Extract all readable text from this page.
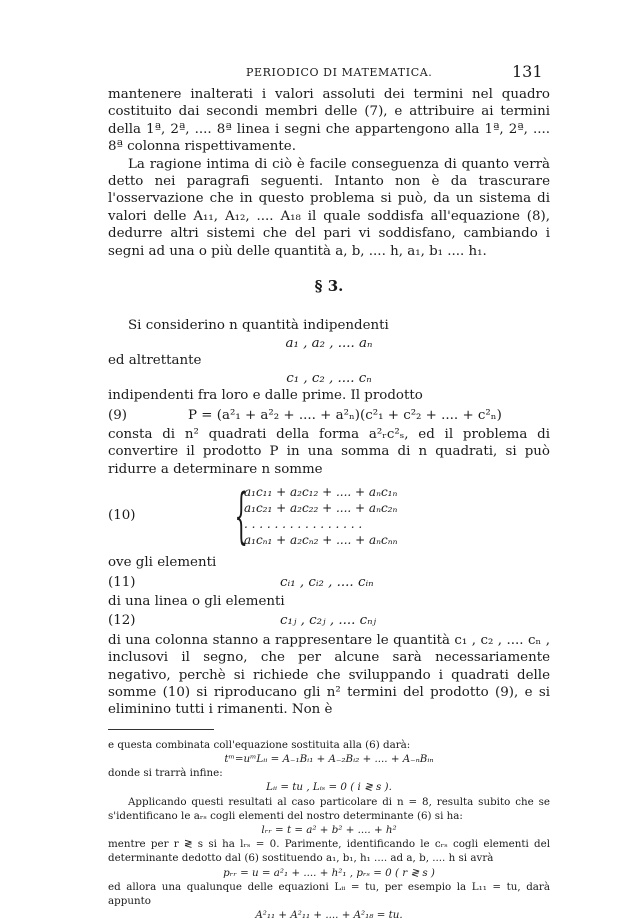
PERIODICO DI MATEMATICA.	131

mantenere inalterati i valori assoluti dei termini nel quadro costituito dai secondi membri delle (7), e attribuire ai termini della 1ª, 2ª, .... 8ª linea i segni che appartengono alla 1ª, 2ª, .... 8ª colonna rispettivamente.

La ragione intima di ciò è facile conseguenza di quanto verrà detto nei paragrafi seguenti. Intanto non è da trascurare l'osservazione che in questo problema si può, da un sistema di valori delle A₁₁, A₁₂, .... A₁₈ il quale soddisfa all'equazione (8), dedurre altri sistemi che del pari vi soddisfano, cambiando i segni ad una o più delle quantità a, b, .... h, a₁, b₁ .... h₁.

§ 3.

Si considerino n quantità indipendenti

a₁ , a₂ , .... aₙ

ed altrettante

c₁ , c₂ , .... cₙ

indipendenti fra loro e dalle prime. Il prodotto

(9)	P = (a²₁ + a²₂ + .... + a²ₙ)(c²₁ + c²₂ + .... + c²ₙ)

consta di n² quadrati della forma a²ᵣc²ₛ, ed il problema di convertire il prodotto P in una somma di n quadrati, si può ridurre a determinare n somme

(10)	{
a₁c₁₁ + a₂c₁₂ + .... + aₙc₁ₙ
a₁c₂₁ + a₂c₂₂ + .... + aₙc₂ₙ
. . . . . . . . . . . . . . . .
a₁cₙ₁ + a₂cₙ₂ + .... + aₙcₙₙ

ove gli elementi

(11)	cᵢ₁ , cᵢ₂ , .... cᵢₙ

di una linea o gli elementi

(12)	c₁ⱼ , c₂ⱼ , .... cₙⱼ

di una colonna stanno a rappresentare le quantità c₁ , c₂ , .... cₙ , inclusovi il segno, che per alcune sarà necessariamente negativo, perchè si richiede che sviluppando i quadrati delle somme (10) si riproducano gli n² termini del prodotto (9), e si eliminino tutti i rimanenti. Non è

e questa combinata coll'equazione sostituita alla (6) darà:

tᵐ=uᵐLᵢᵢ = A₋₁Bᵢ₁ + A₋₂Bᵢ₂ + .... + A₋ₙBᵢₙ

donde si trarrà infine:

Lᵢᵢ = tu , Lᵢₛ = 0 ( i ≷ s ).

Applicando questi resultati al caso particolare di n = 8, resulta subito che se s'identificano le aᵣₛ cogli elementi del nostro determinante (6) si ha:

lᵣᵣ = t = a² + b² + .... + h²

mentre per r ≷ s si ha lᵣₛ = 0. Parimente, identificando le cᵣₛ cogli elementi del determinante dedotto dal (6) sostituendo a₁, b₁, h₁ .... ad a, b, .... h si avrà

pᵣᵣ = u = a²₁ + .... + h²₁ , pᵣₛ = 0 ( r ≷ s )

ed allora una qualunque delle equazioni Lᵢᵢ = tu, per esempio la L₁₁ = tu, darà appunto

A²₁₁ + A²₁₁ + .... + A²₁₈ = tu.
